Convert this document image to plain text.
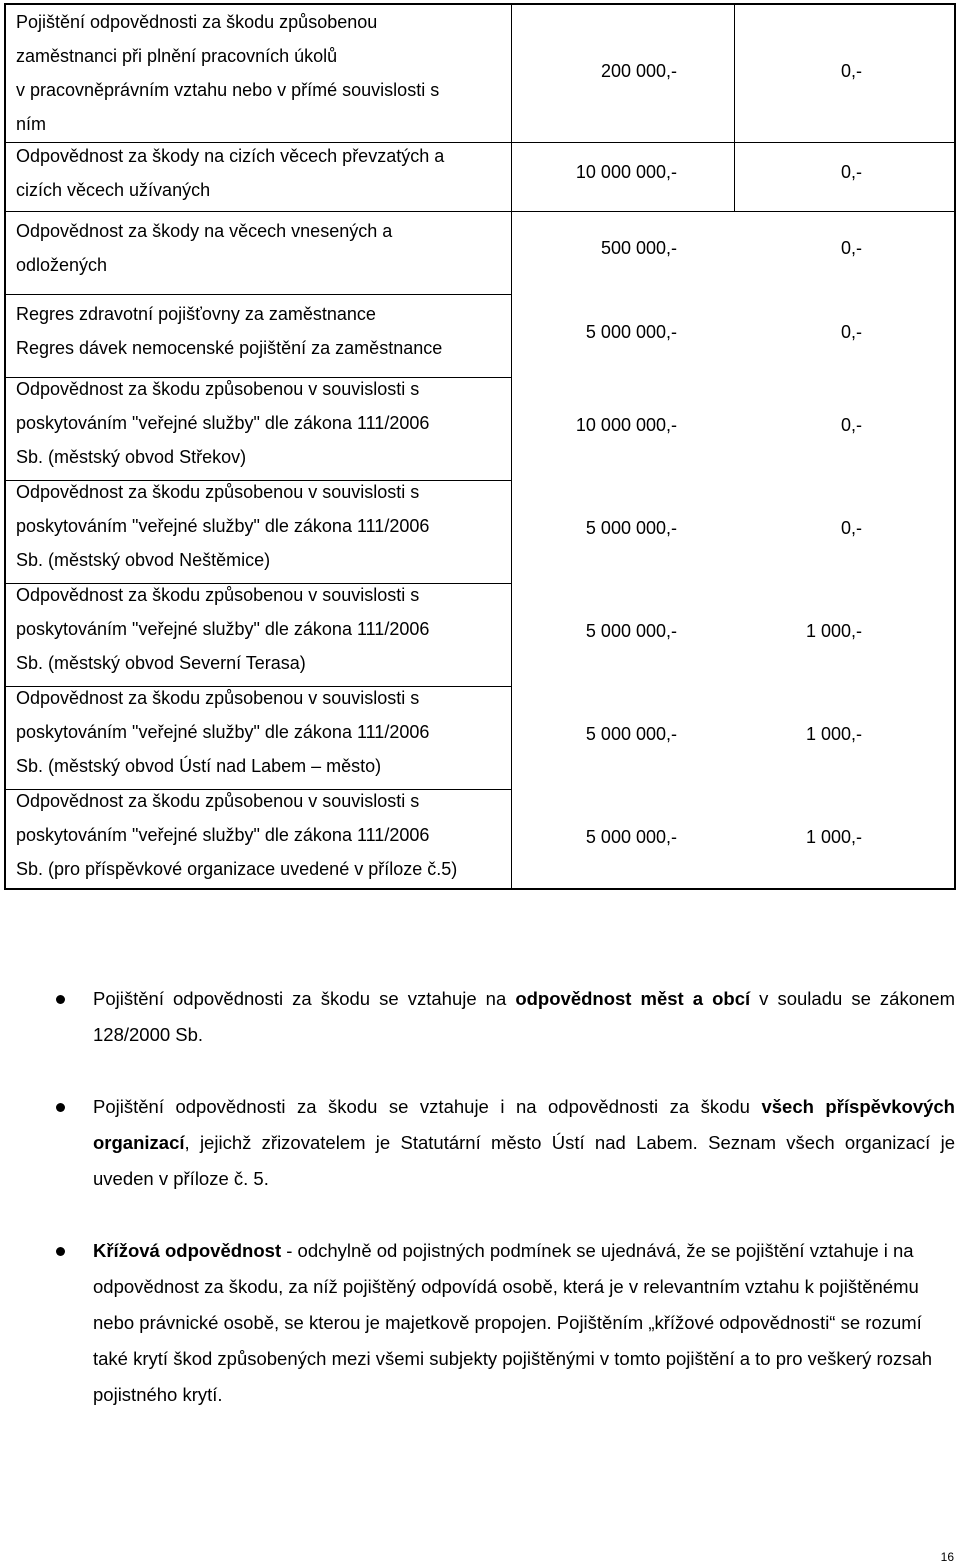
Pojištění odpovědnosti za škodu způsobenou
zaměstnanci při plnění pracovních úkolů
v pracovněprávním vztahu nebo v přímé souvislosti s
ním
200 000,-	0,-
Odpovědnost za škody na cizích věcech převzatých a
cizích věcech užívaných
10 000 000,-	0,-
Odpovědnost za škody na věcech vnesených a
odložených
500 000,-	0,-
Regres zdravotní pojišťovny za zaměstnance
Regres dávek nemocenské pojištění za zaměstnance
5 000 000,-	0,-
Odpovědnost za škodu způsobenou v souvislosti s
poskytováním "veřejné služby" dle zákona 111/2006
Sb. (městský obvod Střekov)
10 000 000,-	0,-
Odpovědnost za škodu způsobenou v souvislosti s
poskytováním "veřejné služby" dle zákona 111/2006
Sb. (městský obvod Neštěmice)
5 000 000,-	0,-
Odpovědnost za škodu způsobenou v souvislosti s
poskytováním "veřejné služby" dle zákona 111/2006
Sb. (městský obvod Severní Terasa)
5 000 000,-	1 000,-
Odpovědnost za škodu způsobenou v souvislosti s
poskytováním "veřejné služby" dle zákona 111/2006
Sb. (městský obvod Ústí nad Labem – město)
5 000 000,-	1 000,-
Odpovědnost za škodu způsobenou v souvislosti s
poskytováním "veřejné služby" dle zákona 111/2006
Sb. (pro příspěvkové organizace uvedené v příloze č.5)
5 000 000,-	1 000,-
Pojištění odpovědnosti za škodu se vztahuje na odpovědnost měst a obcí v souladu se zákonem 128/2000 Sb.
Pojištění odpovědnosti za škodu se vztahuje i na odpovědnosti za škodu všech příspěvkových organizací, jejichž zřizovatelem je Statutární město Ústí nad Labem. Seznam všech organizací je uveden v příloze č. 5.
Křížová odpovědnost - odchylně od pojistných podmínek se ujednává, že se pojištění vztahuje i na odpovědnost za škodu, za níž pojištěný odpovídá osobě, která je v relevantním vztahu k pojištěnému nebo právnické osobě, se kterou je majetkově propojen. Pojištěním „křížové odpovědnosti“ se rozumí také krytí škod způsobených mezi všemi subjekty pojištěnými v tomto pojištění a to pro veškerý rozsah pojistného krytí.
16
